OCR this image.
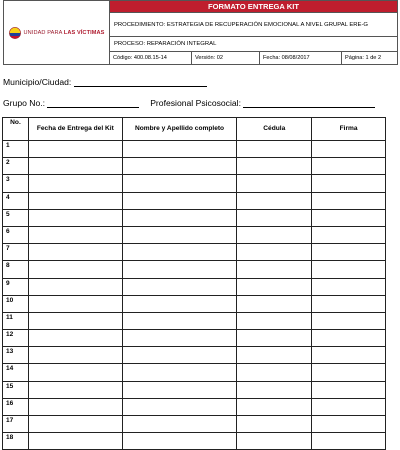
UNIDAD PARA LAS VÍCTIMAS
FORMATO ENTREGA KIT
PROCEDIMIENTO: ESTRATEGIA DE RECUPERACIÓN EMOCIONAL A NIVEL GRUPAL ERE-G
PROCESO: REPARACIÓN INTEGRAL
Código: 400.08.15-14	Versión: 02	Fecha: 08/08/2017	Página: 1 de 2
Municipio/Ciudad:
Grupo No.:	Profesional Psicosocial:
No.	Fecha de Entrega del Kit	Nombre y Apellido completo	Cédula	Firma
1				
2				
3				
4				
5				
6				
7				
8				
9				
10				
11				
12				
13				
14				
15				
16				
17				
18				
